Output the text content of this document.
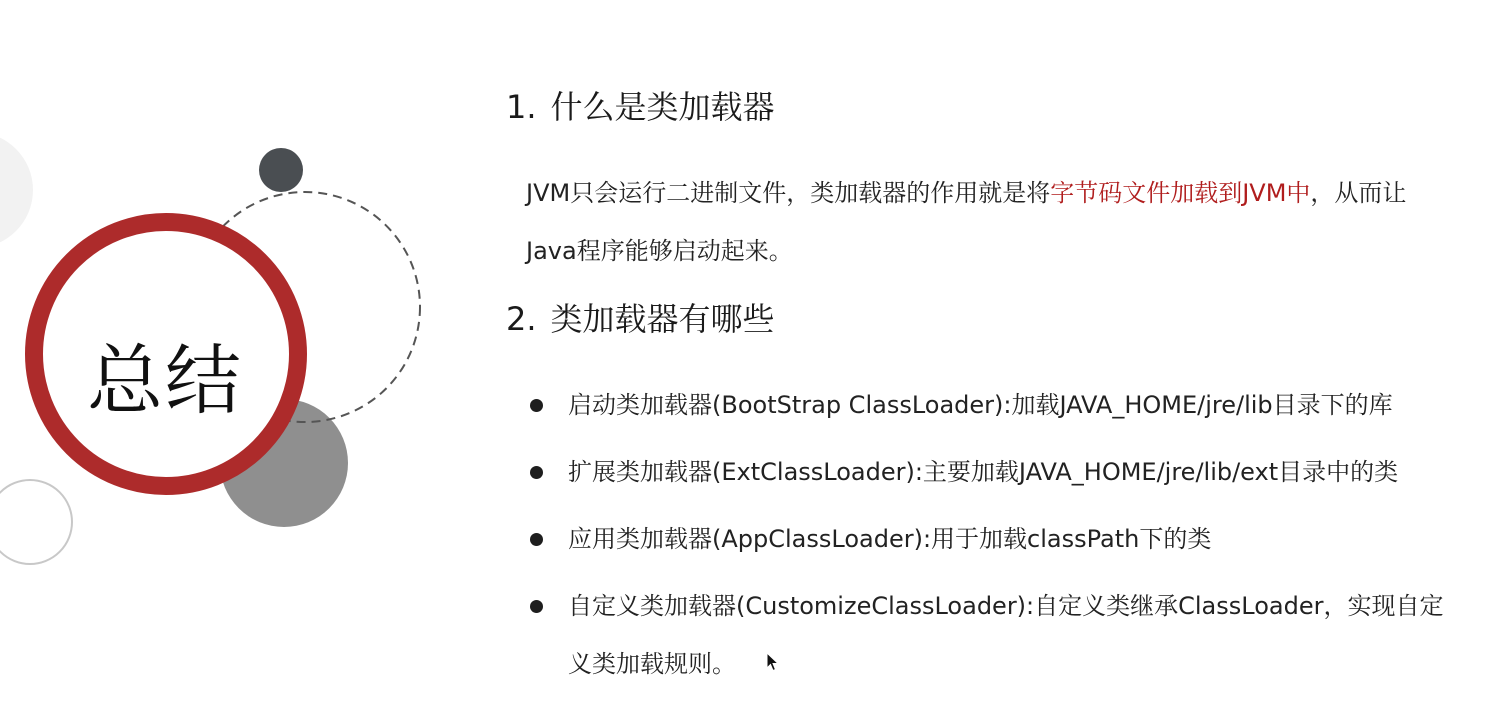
总结
1. 什么是类加载器
JVM只会运行二进制文件，类加载器的作用就是将字节码文件加载到JVM中，从而让Java程序能够启动起来。
2. 类加载器有哪些
启动类加载器(BootStrap ClassLoader):加载JAVA_HOME/jre/lib目录下的库
扩展类加载器(ExtClassLoader):主要加载JAVA_HOME/jre/lib/ext目录中的类
应用类加载器(AppClassLoader):用于加载classPath下的类
自定义类加载器(CustomizeClassLoader):自定义类继承ClassLoader，实现自定义类加载规则。
